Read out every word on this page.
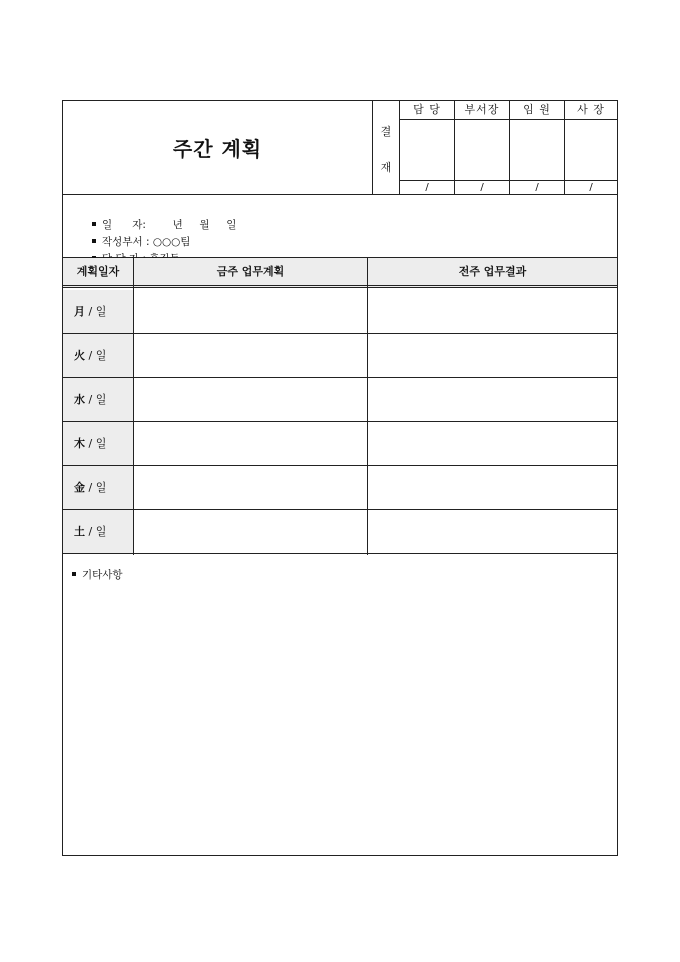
주간 계획
결
재
담 당
/
부서장
/
임 원
/
사 장
/

일      자:        년     월     일

작성부서 : ○○○팀

계획일자	금주 업무계획	전주 업무결과
月 / 일
火 / 일
水 / 일
木 / 일
金 / 일
土 / 일
기타사항
